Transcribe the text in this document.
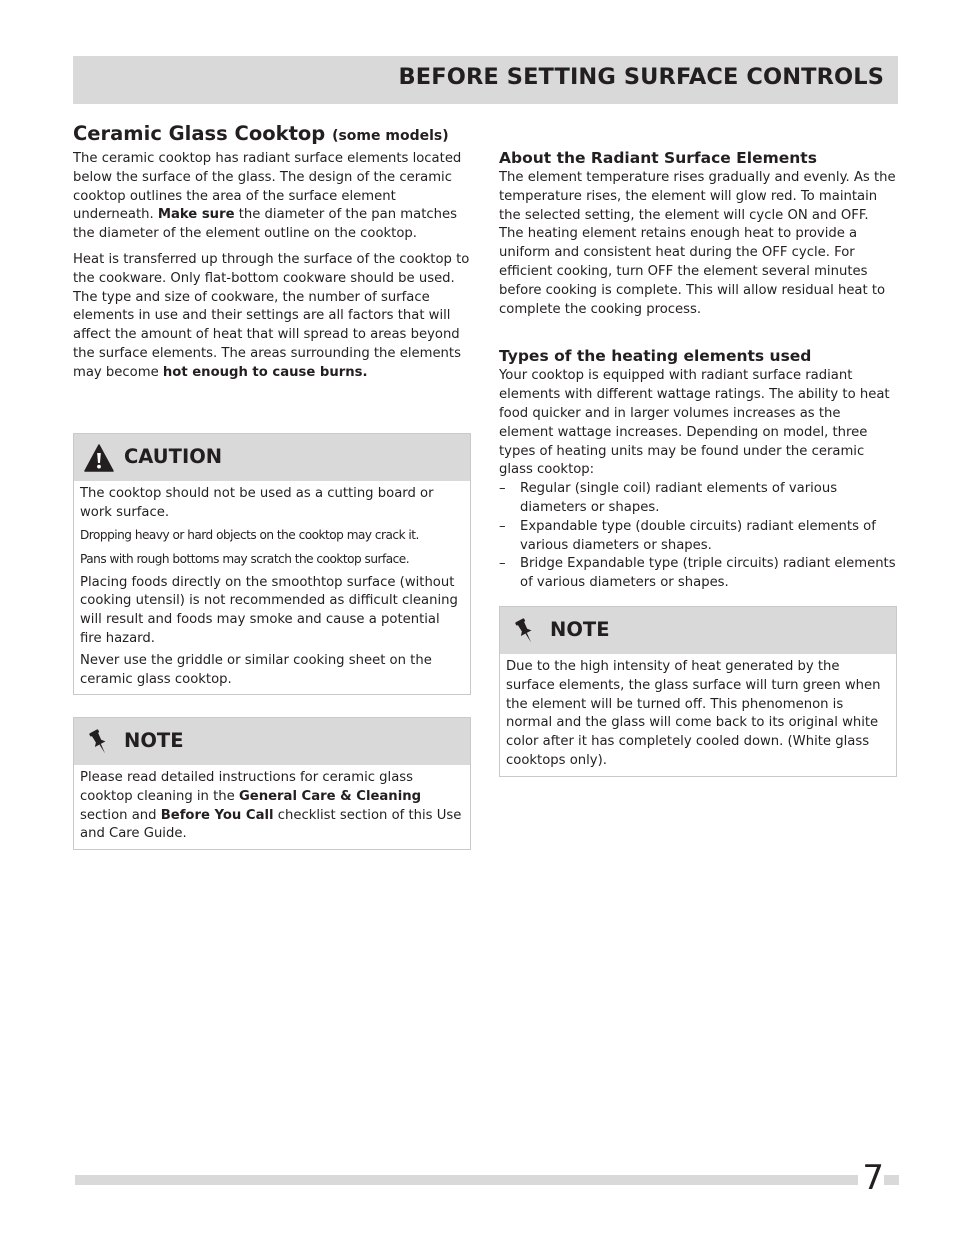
BEFORE SETTING SURFACE CONTROLS
Ceramic Glass Cooktop (some models)

The ceramic cooktop has radiant surface elements located below the surface of the glass. The design of the ceramic cooktop outlines the area of the surface element underneath. Make sure the diameter of the pan matches the diameter of the element outline on the cooktop.

Heat is transferred up through the surface of the cooktop to the cookware. Only flat-bottom cookware should be used. The type and size of cookware, the number of surface elements in use and their settings are all factors that will affect the amount of heat that will spread to areas beyond the surface elements. The areas surrounding the elements may become hot enough to cause burns.

CAUTION

The cooktop should not be used as a cutting board or work surface.

Dropping heavy or hard objects on the cooktop may crack it.

Pans with rough bottoms may scratch the cooktop surface.

Placing foods directly on the smoothtop surface (without cooking utensil) is not recommended as difficult cleaning will result and foods may smoke and cause a potential fire hazard.

Never use the griddle or similar cooking sheet on the ceramic glass cooktop.

NOTE

Please read detailed instructions for ceramic glass cooktop cleaning in the General Care & Cleaning section and Before You Call checklist section of this Use and Care Guide.

About the Radiant Surface Elements

The element temperature rises gradually and evenly. As the temperature rises, the element will glow red. To maintain the selected setting, the element will cycle ON and OFF. The heating element retains enough heat to provide a uniform and consistent heat during the OFF cycle. For efficient cooking, turn OFF the element several minutes before cooking is complete. This will allow residual heat to complete the cooking process.

Types of the heating elements used

Your cooktop is equipped with radiant surface radiant elements with different wattage ratings. The ability to heat food quicker and in larger volumes increases as the element wattage increases. Depending on model, three types of heating units may be found under the ceramic glass cooktop:

– Regular (single coil) radiant elements of various diameters or shapes.
– Expandable type (double circuits) radiant elements of various diameters or shapes.
– Bridge Expandable type (triple circuits) radiant elements of various diameters or shapes.
NOTE

Due to the high intensity of heat generated by the surface elements, the glass surface will turn green when the element will be turned off. This phenomenon is normal and the glass will come back to its original white color after it has completely cooled down. (White glass cooktops only).

7
